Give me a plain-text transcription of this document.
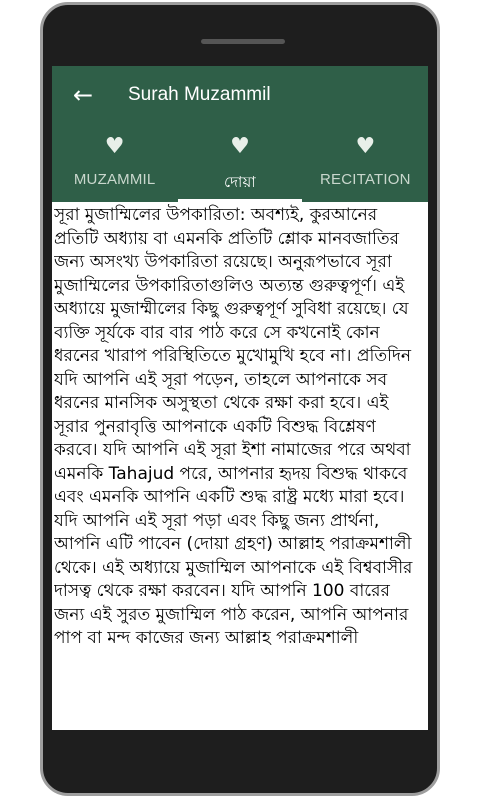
← Surah Muzammil
♥
MUZAMMIL
♥
দোয়া
♥
RECITATION
সূরা মুজাম্মিলের উপকারিতা: অবশ্যই, কুরআনের প্রতিটি অধ্যায় বা এমনকি প্রতিটি শ্লোক মানবজাতির জন্য অসংখ্য উপকারিতা রয়েছে। অনুরূপভাবে সূরা মুজাম্মিলের উপকারিতাগুলিও অত্যন্ত গুরুত্বপূর্ণ। এই অধ্যায়ে মুজাম্মীলের কিছু গুরুত্বপূর্ণ সুবিধা রয়েছে। যে ব্যক্তি সূর্যকে বার বার পাঠ করে সে কখনোই কোন ধরনের খারাপ পরিস্থিতিতে মুখোমুখি হবে না। প্রতিদিন যদি আপনি এই সূরা পড়েন, তাহলে আপনাকে সব ধরনের মানসিক অসুস্থতা থেকে রক্ষা করা হবে। এই সূরার পুনরাবৃত্তি আপনাকে একটি বিশুদ্ধ বিশ্লেষণ করবে। যদি আপনি এই সূরা ইশা নামাজের পরে অথবা এমনকি Tahajud পরে, আপনার হৃদয় বিশুদ্ধ থাকবে এবং এমনকি আপনি একটি শুদ্ধ রাষ্ট্র মধ্যে মারা হবে। যদি আপনি এই সূরা পড়া এবং কিছু জন্য প্রার্থনা, আপনি এটি পাবেন (দোয়া গ্রহণ) আল্লাহ পরাক্রমশালী থেকে। এই অধ্যায়ে মুজাম্মিল আপনাকে এই বিশ্ববাসীর দাসত্ব থেকে রক্ষা করবেন। যদি আপনি 100 বারের জন্য এই সুরত মুজাম্মিল পাঠ করেন, আপনি আপনার পাপ বা মন্দ কাজের জন্য আল্লাহ পরাক্রমশালী
